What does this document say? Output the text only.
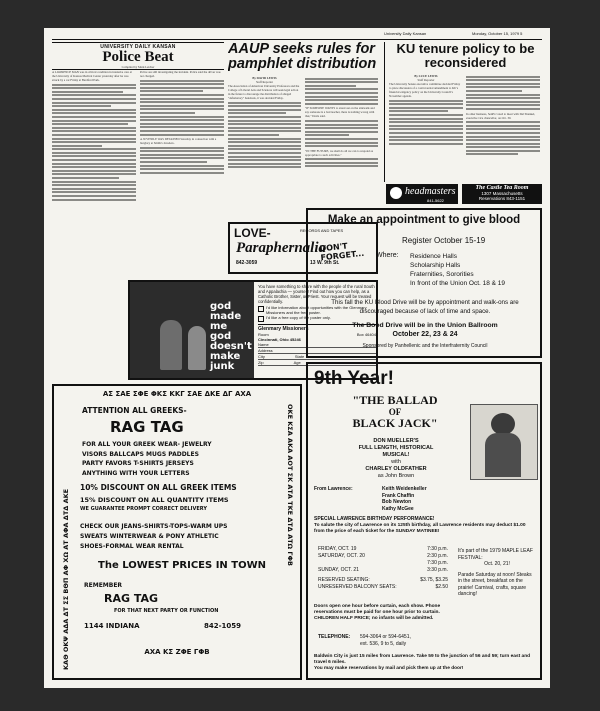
University Daily Kansan	Monday, October 15, 1979 5
UNIVERSITY DAILY KANSAN
Police Beat
Compiled by Mark Letcher
A LAWRENCE MAN was in critical condition in intensive care at the University of Kansas Medical Center yesterday after he was struck by a car Friday at Bardford Park.
Police are still investigating the incident. Police said the driver was not charged.
A JUVENILE WAS DETAINED Saturday in connection with a burglary at Smith's Jewelers.
AAUP seeks rules for pamphlet distribution
By DAVID LEWIS
Staff Reporter
The Association of American University Professors and the College of Liberal Arts and Sciences will seek legal action in the future to discourage the distribution of alleged "defamatory" handouts, it was decided Friday.
"IF SOMEONE WANTS to stand out on the sidewalk and say someone is a bad teacher, there is nothing wrong with that," Davis said.
"IN THE FUTURE, we shall do all we can to respond as appropriate to such activities."
KU tenure policy to be reconsidered
By LUCE LEWIS
Staff Reporter
The University Senate executive committee decided Friday to place discussion of a controversial amendment to KU's financial exigency policy on the University Council's November agenda.
In other business, SenEx voted to meet with Del Shankel, executive vice chancellor, on Oct. 30.
LOVE-	RECORDS AND TAPES
Paraphernalia
842-3059	13 W. 9th St.
headmasters
841-5622
The Castle Tea Room
1307 Massachusetts
Reservations 843-1151
god made me god doesn't make junk
You have something to share with the people of the rural South and Appalachia — yourself! Find out how you can help, as a Catholic Brother, Sister, or Priest. Your request will be treated confidentially.
I'd like information about opportunities with the Glenmary Missioners and the free poster.
I'd like a free copy of the poster only.
Glenmary Missioners
Room	Box 46404
Cincinnati, Ohio 45246
Name
Address
City	State
Zip	Age
Make an appointment to give blood
DON'T FORGET...
Register October 15-19
Where: Residence Halls
Scholarship Halls
Fraternities, Sororities
In front of the Union Oct. 18 & 19
This fall the KU Blood Drive will be by appointment and walk-ons are discouraged because of lack of time and space.
The Bood Drive will be in the Union Ballroom
October 22, 23 & 24
Sponsored by Panhellenic and the Interfraternity Council
ΑΣ ΣΑΕ ΣΦΕ ΦΚΣ ΚΚΓ ΣΑΕ ΔΚΕ ΔΓ ΑΧΑ
ΚΑΘ ΟΚΨ ΑΔΑ ΔΤ ΣΣ ΒΘΠ ΑΦ ΧΩ ΑΤ ΑΦΑ ΔΤΔ ΑΚΕ
ΟΚΕ ΚΣΑ ΑΚΑ ΑΟΤ ΣΚ ΑΤΑ ΤΚΕ ΔΤΔ ΑΤΩ ΓΦΒ
ATTENTION ALL GREEKS-
RAG TAG
FOR ALL YOUR GREEK WEAR- JEWELRY
VISORS BALLCAPS MUGS PADDLES
PARTY FAVORS T-SHIRTS JERSEYS
ANYTHING WITH YOUR LETTERS
10% DISCOUNT ON ALL GREEK ITEMS
15% DISCOUNT ON ALL QUANTITY ITEMS
WE GUARANTEE PROMPT CORRECT DELIVERY
CHECK OUR JEANS-SHIRTS-TOPS-WARM UPS
SWEATS WINTERWEAR & PONY ATHLETIC
SHOES-FORMAL WEAR RENTAL
The LOWEST PRICES IN TOWN
REMEMBER
RAG TAG
FOR THAT NEXT PARTY OR FUNCTION
1144 INDIANA	842-1059
ΑΧΑ ΚΣ ΖΦΕ ΓΦΒ
9th Year!
"THE BALLAD
OF
BLACK JACK"
DON MUELLER'S
FULL LENGTH, HISTORICAL
MUSICAL!
with
CHARLEY OLDFATHER
as John Brown
From Lawrence:	Keith Weidenkeller
Frank Chaffin
Bob Newton
Kathy McGee
SPECIAL LAWRENCE BIRTHDAY PERFORMANCE!
To salute the city of Lawrence on its 125th birthday, all Lawrence residents may deduct $1.00 from the price of each ticket for the SUNDAY MATINEE!
FRIDAY, OCT. 19	7:30 p.m.
SATURDAY, OCT. 20	2:30 p.m.
7:30 p.m.
SUNDAY, OCT. 21	3:30 p.m.
RESERVED SEATING:	$3.75, $3.25
UNRESERVED BALCONY SEATS:	$2.50
It's part of the 1979 MAPLE LEAF FESTIVAL:
Oct. 20, 21!
Parade Saturday at noon! Steaks in the street, breakfast on the prairie! Carnival, crafts, square dancing!
Doors open one hour before curtain, each show. Phone reservations must be paid for one hour prior to curtain. CHILDREN HALF PRICE; no infants will be admitted.
TELEPHONE: 594-3064 or 594-6451,
ext. 536, 9 to 5, daily
Baldwin City is just 15 miles from Lawrence. Take 59 to the junction of 56 and 59; turn east and travel 6 miles.
You may make reservations by mail and pick them up at the door!
